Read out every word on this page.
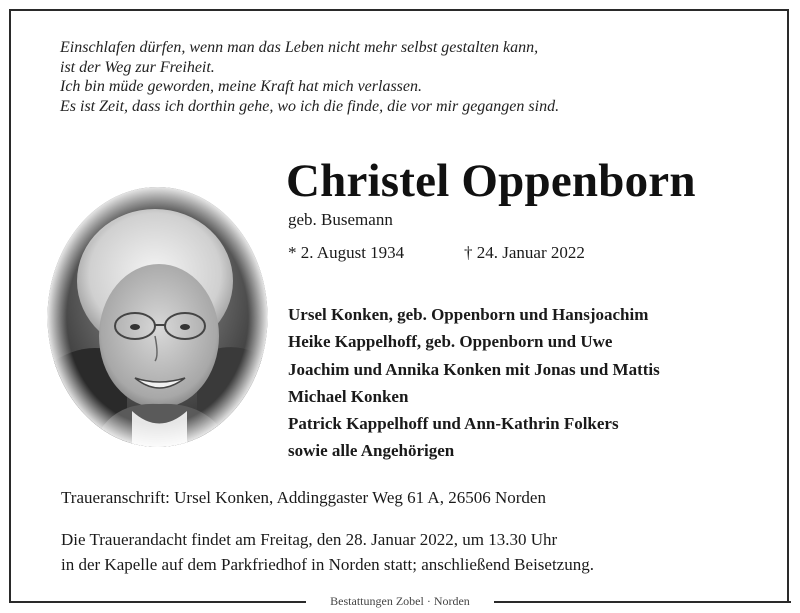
Einschlafen dürfen, wenn man das Leben nicht mehr selbst gestalten kann,
ist der Weg zur Freiheit.
Ich bin müde geworden, meine Kraft hat mich verlassen.
Es ist Zeit, dass ich dorthin gehe, wo ich die finde, die vor mir gegangen sind.
Christel Oppenborn
geb. Busemann
* 2. August 1934	† 24. Januar 2022
Ursel Konken, geb. Oppenborn und Hansjoachim
Heike Kappelhoff, geb. Oppenborn und Uwe
Joachim und Annika Konken mit Jonas und Mattis
Michael Konken
Patrick Kappelhoff und Ann-Kathrin Folkers
sowie alle Angehörigen
Traueranschrift: Ursel Konken, Addinggaster Weg 61 A, 26506 Norden
Die Trauerandacht findet am Freitag, den 28. Januar 2022, um 13.30 Uhr
in der Kapelle auf dem Parkfriedhof in Norden statt; anschließend Beisetzung.
Bestattungen Zobel · Norden
